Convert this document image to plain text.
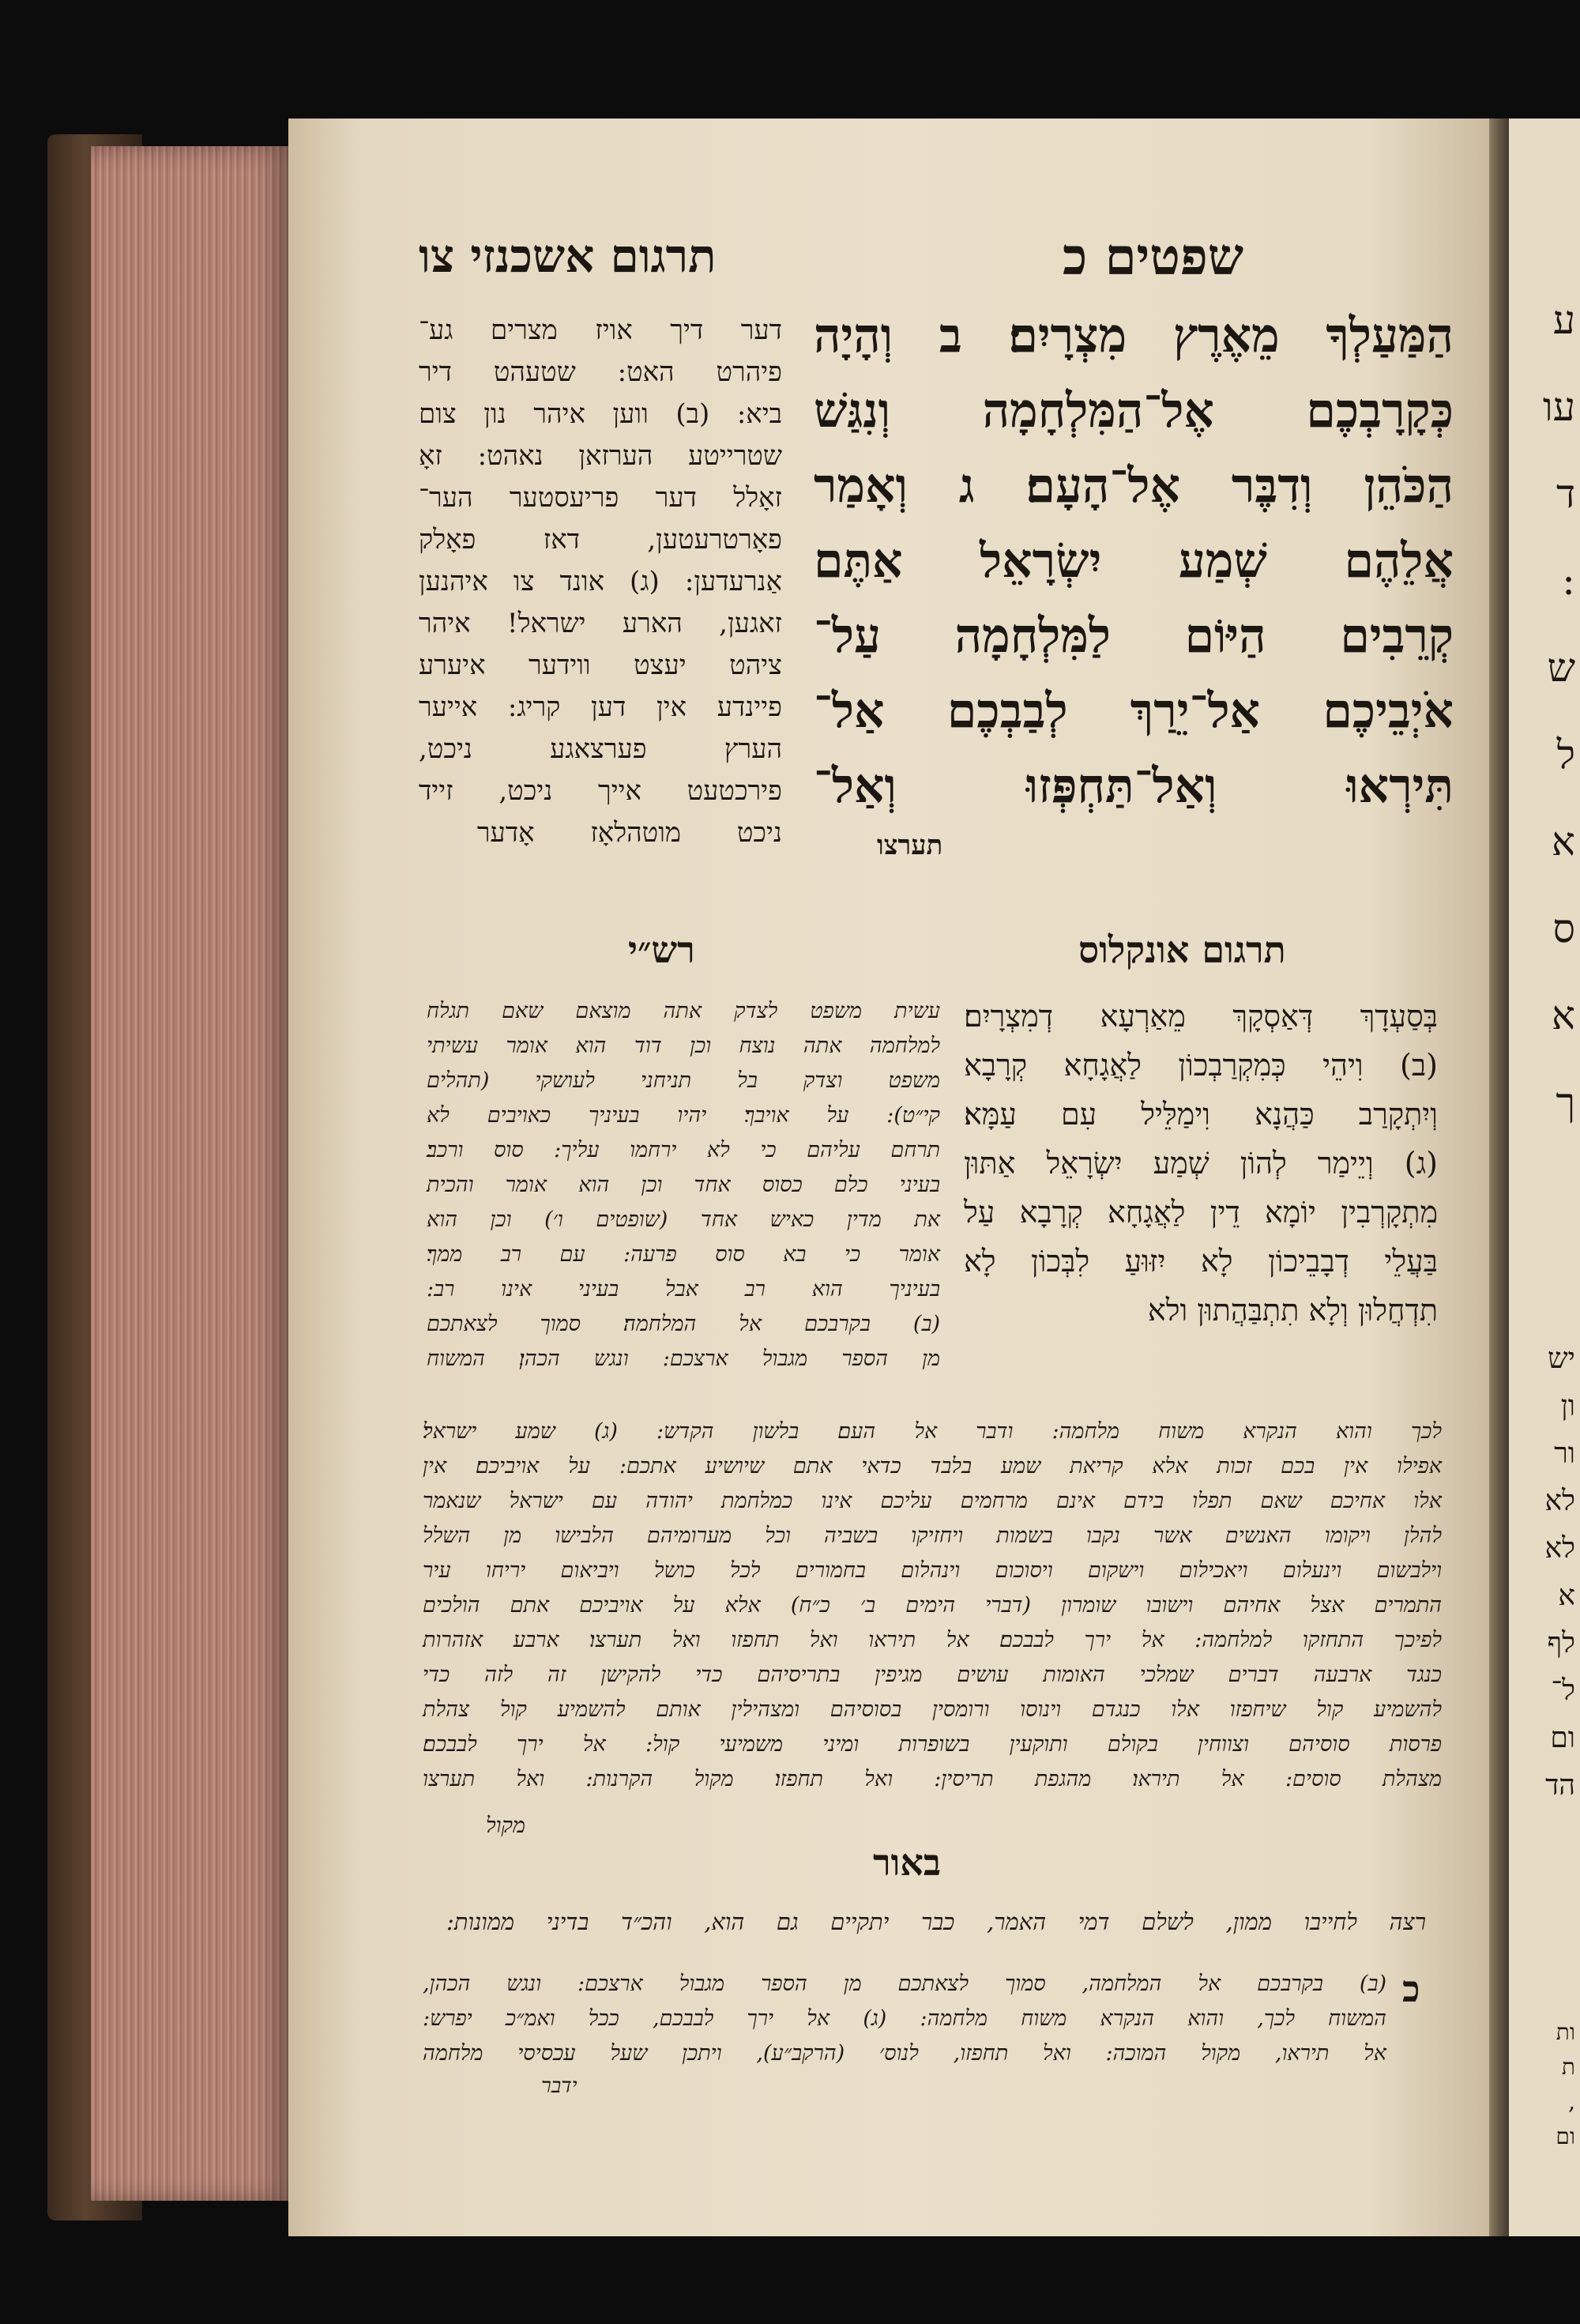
ע
עו
ד
:
ש
ל
א
ס
א
ך
יש
ון
ור
לא
לא
א
לף
ל־
ום
הד
ות
ת
,
ום
תרגום אשכנזי צו	שפטים כ
הַמַּעַלְךָ מֵאֶרֶץ מִצְרָיִם׃ ב וְהָיָה
כְּקָרָבְכֶם אֶל־הַמִּלְחָמָה וְנִגַּשׁ
הַכֹּהֵן וְדִבֶּר אֶל־הָעָם׃ ג וְאָמַר
אֲלֵהֶם שְׁמַע יִשְׂרָאֵל אַתֶּם
קְרֵבִים הַיּוֹם לַמִּלְחָמָה עַל־
אֹיְבֵיכֶם אַל־יֵרַךְ לְבַבְכֶם אַל־
תִּירְאוּ וְאַל־תַּחְפְּזוּ וְאַל־
תערצו
דער דיך אויז מצרים גע־
פיהרט האט: שטעהט דיר
ביא: (ב) ווען איהר נון צום
שטרייטע הערזאן נאהט: זאָ
זאָלל דער פריעסטער הער־
פאָרטרעטען, דאז פאָלק
אַנרעדען: (ג) אונד צו איהנען
זאגען, הארע ישראל! איהר
ציהט יעצט ווידער איערע
פיינדע אין דען קריג: אייער
הערץ פערצאגע ניכט,
פירכטעט אייך ניכט, זייד
ניכט מוטהלאָז אָדער
תרגום אונקלוס
רש״י
בְּסַעְדָךְ דְּאַסְקָךְ מֵאַרְעָא דְמִצְרָיִם׃
(ב) וִיהֵי כְּמִקְרַבְכוֹן לַאֲגָחָא קְרָבָא
וְיִתְקָרַב כַּהֲנָא וִימַלֵּיל עִם עַמָּא׃
(ג) וְיֵימַר לְהוֹן שְׁמַע יִשְׂרָאֵל אַתּוּן
מִתְקָרְבִין יוֹמָא דֵין לַאֲגָחָא קְרָבָא עַל
בַּעֲלֵי דְבָבֵיכוֹן לָא יִזּוּעַ לִבְּכוֹן לָא
תִדְחֲלוּן וְלָא תִתְבַּהֲתוּן ולא
עשית משפט לצדק אתה מוצאם שאם תגלח
למלחמה אתה נוצח וכן דוד הוא אומר עשיתי
משפט וצדק בל תניחני לעושקי (תהלים
קי״ט): על אויבך׃ יהיו בעיניך כאויבים לא
תרחם עליהם כי לא ירחמו עליך: סוס ורכב׃
בעיני כלם כסוס אחד וכן הוא אומר והכית
את מדין כאיש אחד (שופטים ו׳) וכן הוא
אומר כי בא סוס פרעה: עם רב ממך׃
בעיניך הוא רב אבל בעיני אינו רב:
(ב) בקרבכם אל המלחמה׃ סמוך לצאתכם
מן הספר מגבול ארצכם: ונגש הכהן׃ המשוח
לכך והוא הנקרא משוח מלחמה: ודבר אל העם׃ בלשון הקדש: (ג) שמע ישראל׃
אפילו אין בכם זכות אלא קריאת שמע בלבד כדאי אתם שיושיע אתכם: על אויביכם׃ אין
אלו אחיכם שאם תפלו בידם אינם מרחמים עליכם אינו כמלחמת יהודה עם ישראל שנאמר
להלן ויקומו האנשים אשר נקבו בשמות ויחזיקו בשביה וכל מערומיהם הלבישו מן השלל
וילבשום וינעלום ויאכילום וישקום ויסוכום וינהלום בחמורים לכל כושל ויביאום יריחו עיר
התמרים אצל אחיהם וישובו שומרון (דברי הימים ב׳ כ״ח) אלא על אויביכם אתם הולכים
לפיכך התחזקו למלחמה: אל ירך לבבכם׃ אל תיראו ואל תחפזו ואל תערצו׃ ארבע אזהרות
כנגד ארבעה דברים שמלכי האומות עושים מגיפין בתריסיהם כדי להקישן זה לזה כדי
להשמיע קול שיחפזו אלו כנגדם וינוסו ורומסין בסוסיהם ומצהילין אותם להשמיע קול צהלת
פרסות סוסיהם וצווחין בקולם ותוקעין בשופרות ומיני משמיעי קול: אל ירך לבבכם׃
מצהלת סוסים: אל תיראו׃ מהגפת תריסין: ואל תחפזו׃ מקול הקרנות: ואל תערצו
מקול
באור
רצה לחייבו ממון, לשלם דמי האמר, כבר יתקיים גם הוא, והכ״ד בדיני ממונות:
כ
(ב) בקרבכם אל המלחמה, סמוך לצאתכם מן הספר מגבול ארצכם: ונגש הכהן,
המשוח לכך, והוא הנקרא משוח מלחמה: (ג) אל ירך לבבכם, ככל ואמ״כ יפרש:
אל תיראו, מקול המוכה: ואל תחפזו, לנוס׳ (הרקב״ע), ויתכן שעל עכסיסי מלחמה
ידבר
